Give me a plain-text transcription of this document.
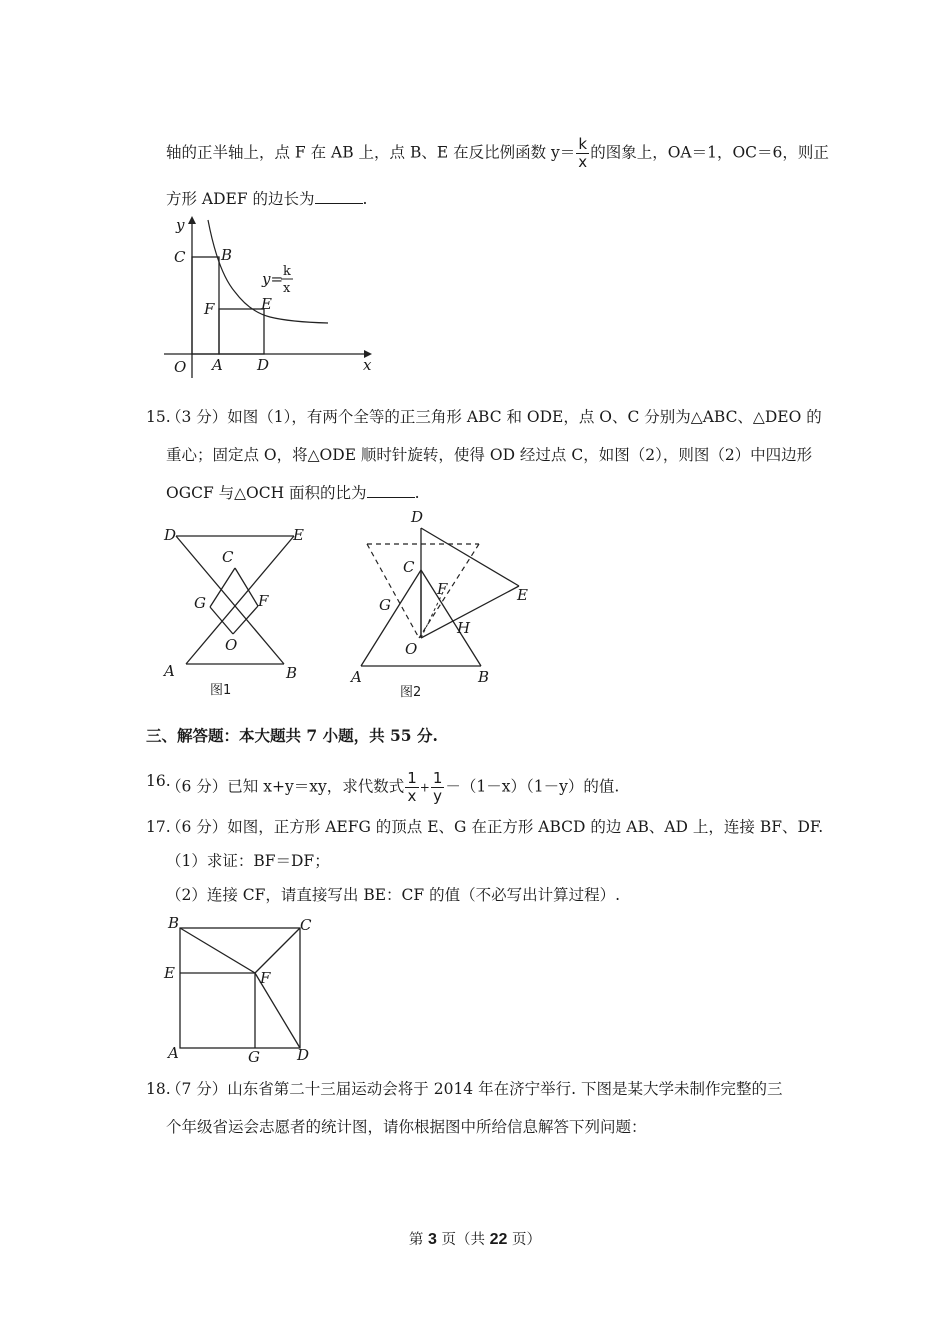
轴的正半轴上，点 F 在 AB 上，点 B、E 在反比例函数 $y= \frac{k}{x}$ 的图象上，OA＝1，OC＝6，则正
方形 ADEF 的边长为	.
y
C B
F	E
O A D	x
y= k
x
15.
（3 分）如图（1），有两个全等的正三角形 ABC 和 ODE，点 O、C 分别为△ABC、△DEO 的
重心；固定点 O，将△ODE 顺时针旋转，使得 OD 经过点 C，如图（2），则图（2）中四边形
OGCF 与△OCH 面积的比为	.
D	E
C
G	F
O
A	B
图1
D
C
F	E
G
H
O
A	B
图2
三、解答题：本大题共 7 小题，共 55 分.
16.
（6 分）已知 x+y＝xy，求代数式 $\frac{1}{x} + \frac{1}{y} -(1-x)(1-y)$的值.
17.
（6 分）如图，正方形 AEFG 的顶点 E、G 在正方形 ABCD 的边 AB、AD 上，连接 BF、DF.
（1）求证：BF＝DF；
（2）连接 CF，请直接写出 BE：CF 的值（不必写出计算过程）.
B	C
E	F
A	G D
18.
（7 分）山东省第二十三届运动会将于 2014 年在济宁举行. 下图是某大学未制作完整的三
个年级省运会志愿者的统计图，请你根据图中所给信息解答下列问题：
第 3 页（共 22 页）
